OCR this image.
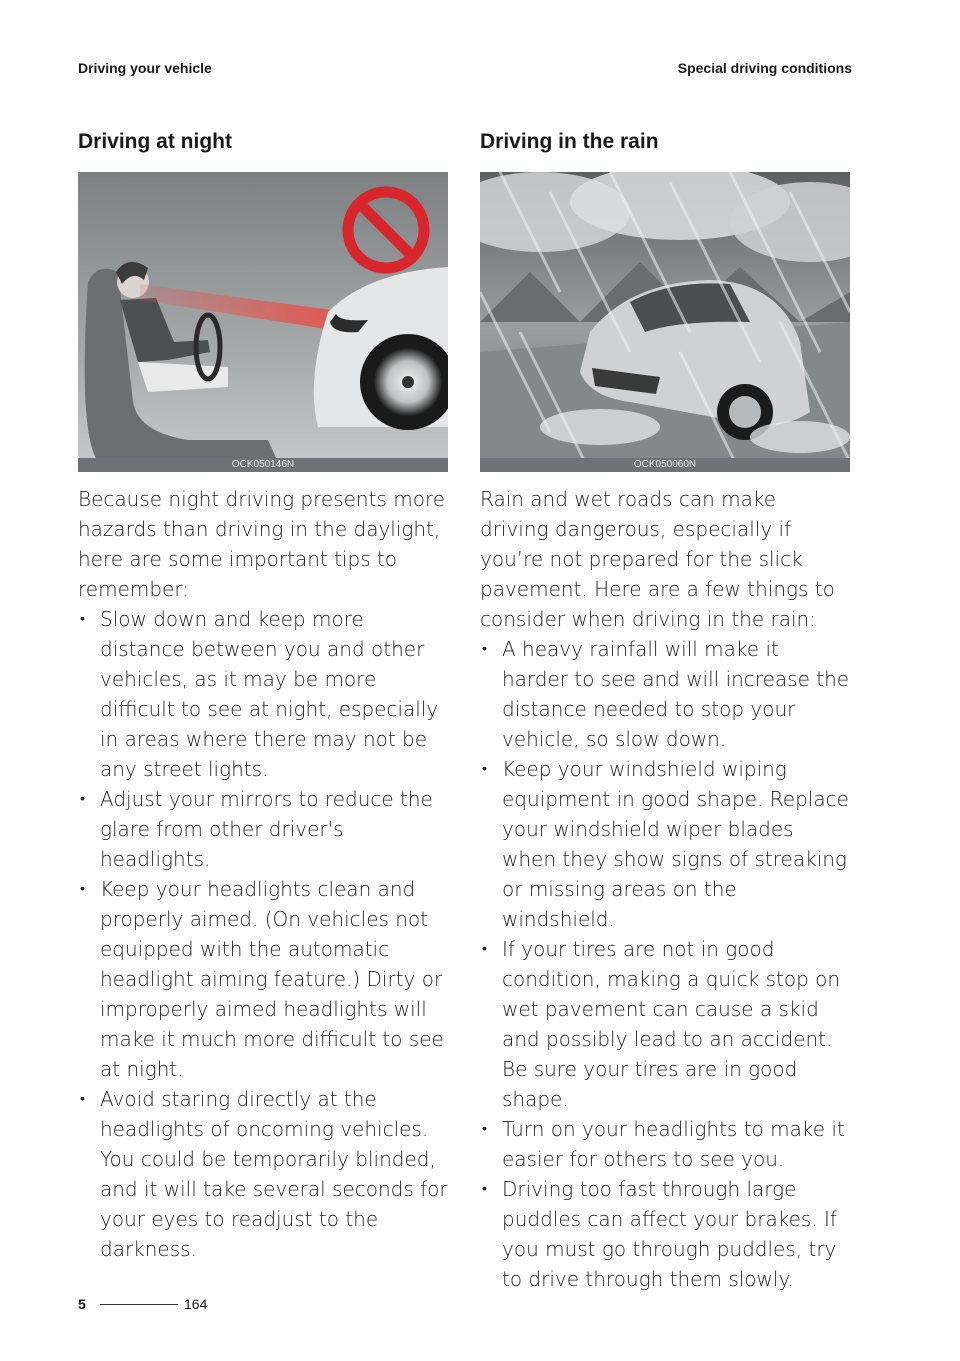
Driving your vehicle	Special driving conditions
Driving at night
OCK050146N

Because night driving presents more hazards than driving in the daylight, here are some important tips to remember:

• Slow down and keep more distance between you and other vehicles, as it may be more difficult to see at night, especially in areas where there may not be any street lights.
• Adjust your mirrors to reduce the glare from other driver's headlights.
• Keep your headlights clean and properly aimed. (On vehicles not equipped with the automatic headlight aiming feature.) Dirty or improperly aimed headlights will make it much more difficult to see at night.
• Avoid staring directly at the headlights of oncoming vehicles. You could be temporarily blinded, and it will take several seconds for your eyes to readjust to the darkness.
Driving in the rain
OCK050060N

Rain and wet roads can make driving dangerous, especially if you’re not prepared for the slick pavement. Here are a few things to consider when driving in the rain:

• A heavy rainfall will make it harder to see and will increase the distance needed to stop your vehicle, so slow down.
• Keep your windshield wiping equipment in good shape. Replace your windshield wiper blades when they show signs of streaking or missing areas on the windshield.
• If your tires are not in good condition, making a quick stop on wet pavement can cause a skid and possibly lead to an accident. Be sure your tires are in good shape.
• Turn on your headlights to make it easier for others to see you.
• Driving too fast through large puddles can affect your brakes. If you must go through puddles, try to drive through them slowly.
5	164
